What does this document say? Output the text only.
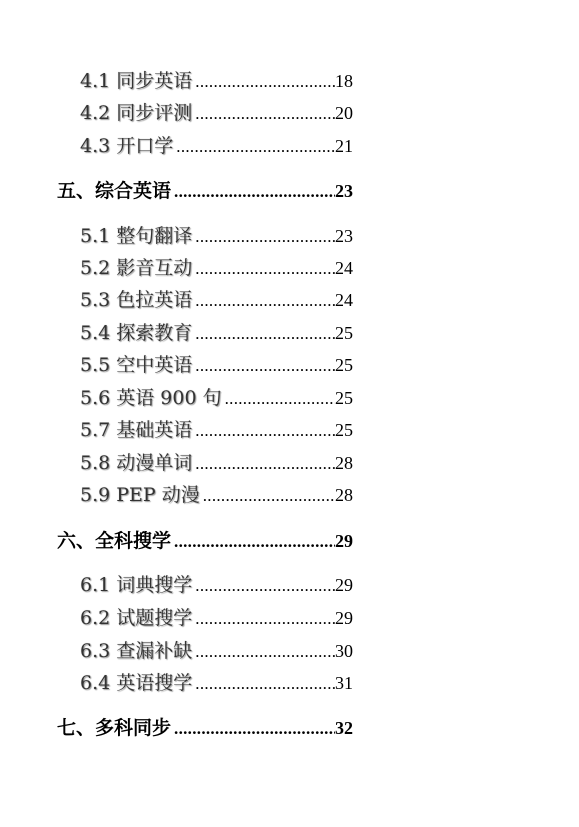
4.1 同步英语 .....	18
4.2 同步评测 .....	20
4.3 开口学 .....	21
五、综合英语 .....	23
5.1 整句翻译 .....	23
5.2 影音互动 .....	24
5.3 色拉英语 .....	24
5.4 探索教育 .....	25
5.5 空中英语 .....	25
5.6 英语 900 句 .....	25
5.7 基础英语 .....	25
5.8 动漫单词 .....	28
5.9 PEP 动漫 .....	28
六、全科搜学 .....	29
6.1 词典搜学 .....	29
6.2 试题搜学 .....	29
6.3 查漏补缺 .....	30
6.4 英语搜学 .....	31
七、多科同步 .....	32
